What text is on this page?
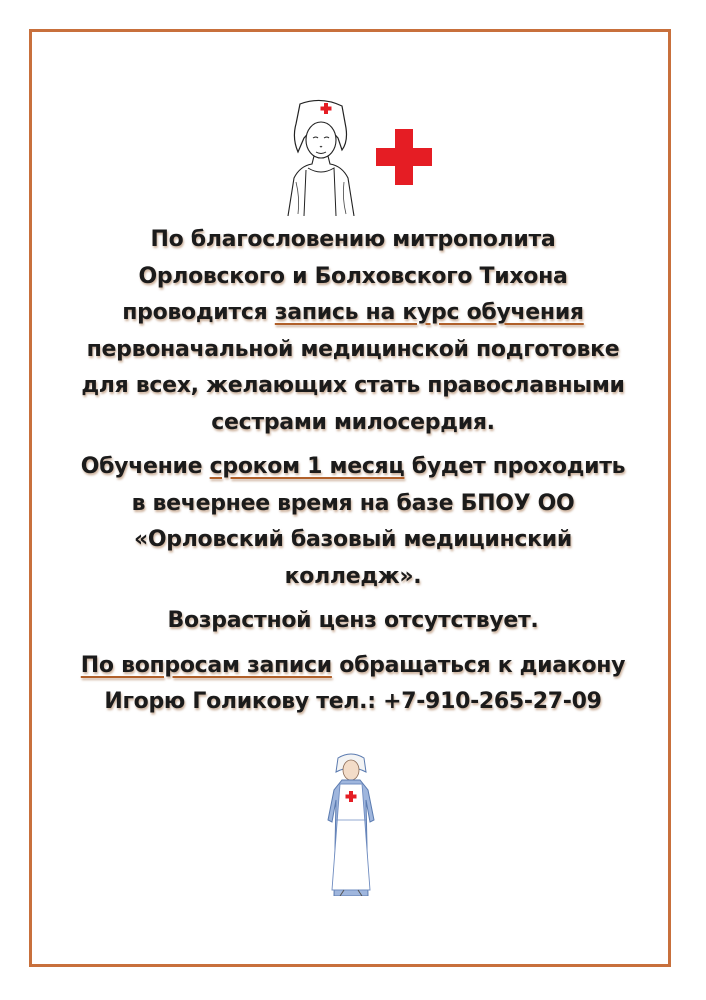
По благословению митрополита
Орловского и Болховского Тихона
проводится запись на курс обучения
первоначальной медицинской подготовке
для всех, желающих стать православными
сестрами милосердия.

Обучение сроком 1 месяц будет проходить
в вечернее время на базе БПОУ ОО
«Орловский базовый медицинский
колледж».

Возрастной ценз отсутствует.

По вопросам записи обращаться к диакону
Игорю Голикову тел.: +7-910-265-27-09
